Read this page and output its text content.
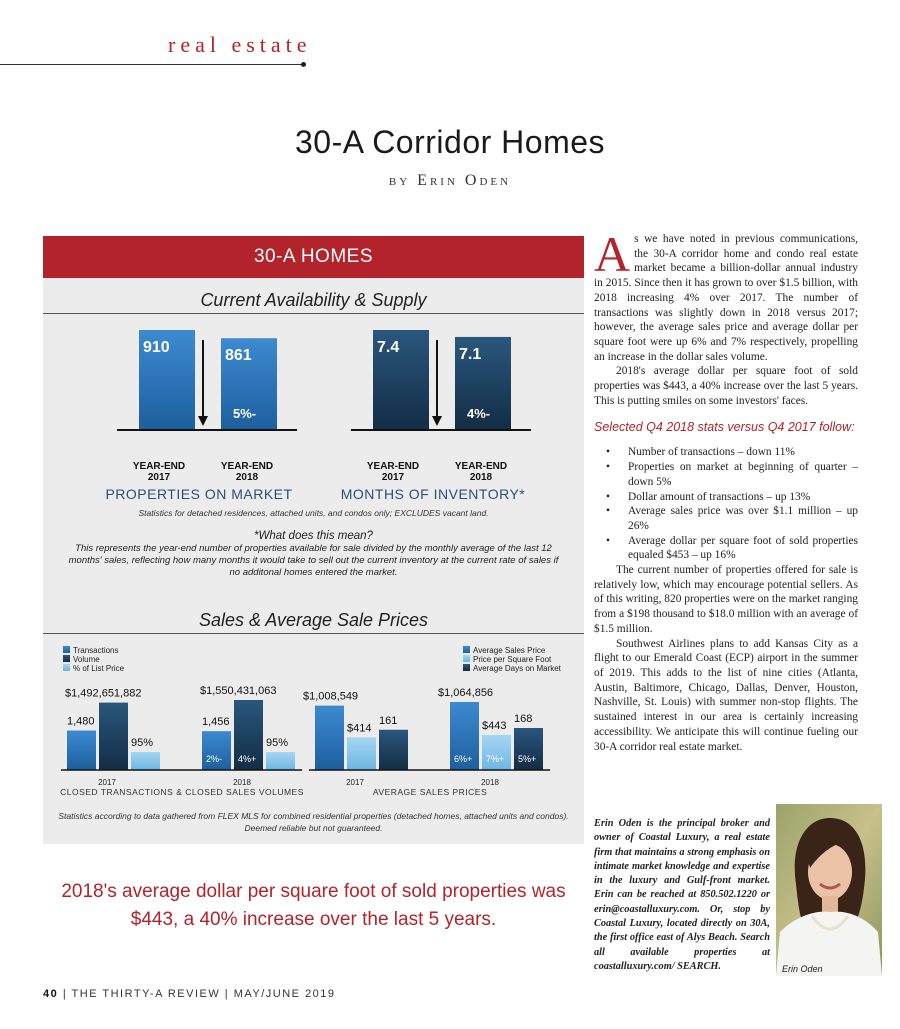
real estate
30-A Corridor Homes
by Erin Oden
30-A HOMES
Current Availability & Supply
910
YEAR-END
2017
861
YEAR-END
2018
5%-
PROPERTIES ON MARKET
7.4
YEAR-END
2017
7.1
YEAR-END
2018
4%-
MONTHS OF INVENTORY*
Statistics for detached residences, attached units, and condos only; EXCLUDES vacant land.
*What does this mean?
This represents the year-end number of properties available for sale divided by the monthly average of the last 12 months' sales, reflecting how many months it would take to sell out the current inventory at the current rate of sales if no additonal homes entered the market.
Sales & Average Sale Prices
Transactions
Volume
% of List Price
1,480
$1,492,651,882
95%
2017
1,456
2%-
$1,550,431,063
4%+
95%
2018
CLOSED TRANSACTIONS & CLOSED SALES VOLUMES
Average Sales Price
Price per Square Foot
Average Days on Market
$1,008,549
$414
161
2017
$1,064,856
6%+
$443
7%+
168
5%+
2018
AVERAGE SALES PRICES
Statistics according to data gathered from FLEX MLS for combined residential properties (detached homes, attached units and condos). Deemed reliable but not guaranteed.
2018's average dollar per square foot of sold properties was $443, a 40% increase over the last 5 years.
40 | THE THIRTY-A REVIEW | MAY/JUNE 2019

As we have noted in previous communications, the 30-A corridor home and condo real estate market became a billion-dollar annual industry in 2015. Since then it has grown to over $1.5 billion, with 2018 increasing 4% over 2017. The number of transactions was slightly down in 2018 versus 2017; however, the average sales price and average dollar per square foot were up 6% and 7% respectively, propelling an increase in the dollar sales volume.

2018's average dollar per square foot of sold properties was $443, a 40% increase over the last 5 years. This is putting smiles on some investors' faces.

Selected Q4 2018 stats versus Q4 2017 follow:

• Number of transactions – down 11%
• Properties on market at beginning of quarter – down 5%
• Dollar amount of transactions – up 13%
• Average sales price was over $1.1 million – up 26%
• Average dollar per square foot of sold properties equaled $453 – up 16%

The current number of properties offered for sale is relatively low, which may encourage potential sellers. As of this writing, 820 properties were on the market ranging from a $198 thousand to $18.0 million with an average of $1.5 million.

Southwest Airlines plans to add Kansas City as a flight to our Emerald Coast (ECP) airport in the summer of 2019. This adds to the list of nine cities (Atlanta, Austin, Baltimore, Chicago, Dallas, Denver, Houston, Nashville, St. Louis) with summer non-stop flights. The sustained interest in our area is certainly increasing accessibility. We anticipate this will continue fueling our 30-A corridor real estate market.

Erin Oden is the principal broker and owner of Coastal Luxury, a real estate firm that maintains a strong emphasis on intimate market knowledge and expertise in the luxury and Gulf-front market. Erin can be reached at 850.502.1220 or erin@coastalluxury.com. Or, stop by Coastal Luxury, located directly on 30A, the first office east of Alys Beach. Search all available properties at coastalluxury.com/ SEARCH.	Erin Oden
